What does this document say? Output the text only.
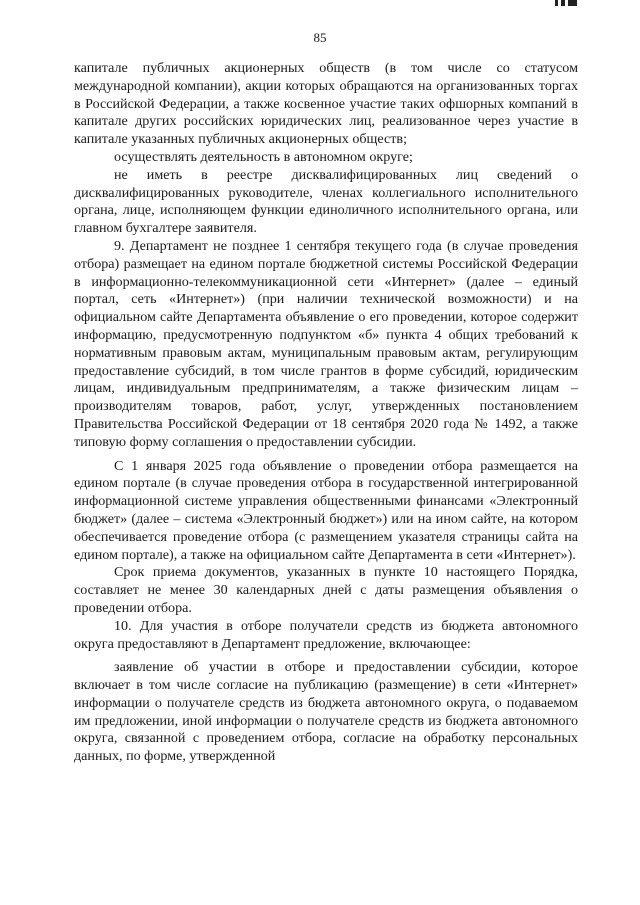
85

капитале публичных акционерных обществ (в том числе со статусом международной компании), акции которых обращаются на организованных торгах в Российской Федерации, а также косвенное участие таких офшорных компаний в капитале других российских юридических лиц, реализованное через участие в капитале указанных публичных акционерных обществ;

осуществлять деятельность в автономном округе;

не иметь в реестре дисквалифицированных лиц сведений о дисквалифицированных руководителе, членах коллегиального исполнительного органа, лице, исполняющем функции единоличного исполнительного органа, или главном бухгалтере заявителя.

9. Департамент не позднее 1 сентября текущего года (в случае проведения отбора) размещает на едином портале бюджетной системы Российской Федерации в информационно-телекоммуникационной сети «Интернет» (далее – единый портал, сеть «Интернет») (при наличии технической возможности) и на официальном сайте Департамента объявление о его проведении, которое содержит информацию, предусмотренную подпунктом «б» пункта 4 общих требований к нормативным правовым актам, муниципальным правовым актам, регулирующим предоставление субсидий, в том числе грантов в форме субсидий, юридическим лицам, индивидуальным предпринимателям, а также физическим лицам – производителям товаров, работ, услуг, утвержденных постановлением Правительства Российской Федерации от 18 сентября 2020 года № 1492, а также типовую форму соглашения о предоставлении субсидии.

С 1 января 2025 года объявление о проведении отбора размещается на едином портале (в случае проведения отбора в государственной интегрированной информационной системе управления общественными финансами «Электронный бюджет» (далее – система «Электронный бюджет») или на ином сайте, на котором обеспечивается проведение отбора (с размещением указателя страницы сайта на едином портале), а также на официальном сайте Департамента в сети «Интернет»).

Срок приема документов, указанных в пункте 10 настоящего Порядка, составляет не менее 30 календарных дней с даты размещения объявления о проведении отбора.

10. Для участия в отборе получатели средств из бюджета автономного округа предоставляют в Департамент предложение, включающее:

заявление об участии в отборе и предоставлении субсидии, которое включает в том числе согласие на публикацию (размещение) в сети «Интернет» информации о получателе средств из бюджета автономного округа, о подаваемом им предложении, иной информации о получателе средств из бюджета автономного округа, связанной с проведением отбора, согласие на обработку персональных данных, по форме, утвержденной
